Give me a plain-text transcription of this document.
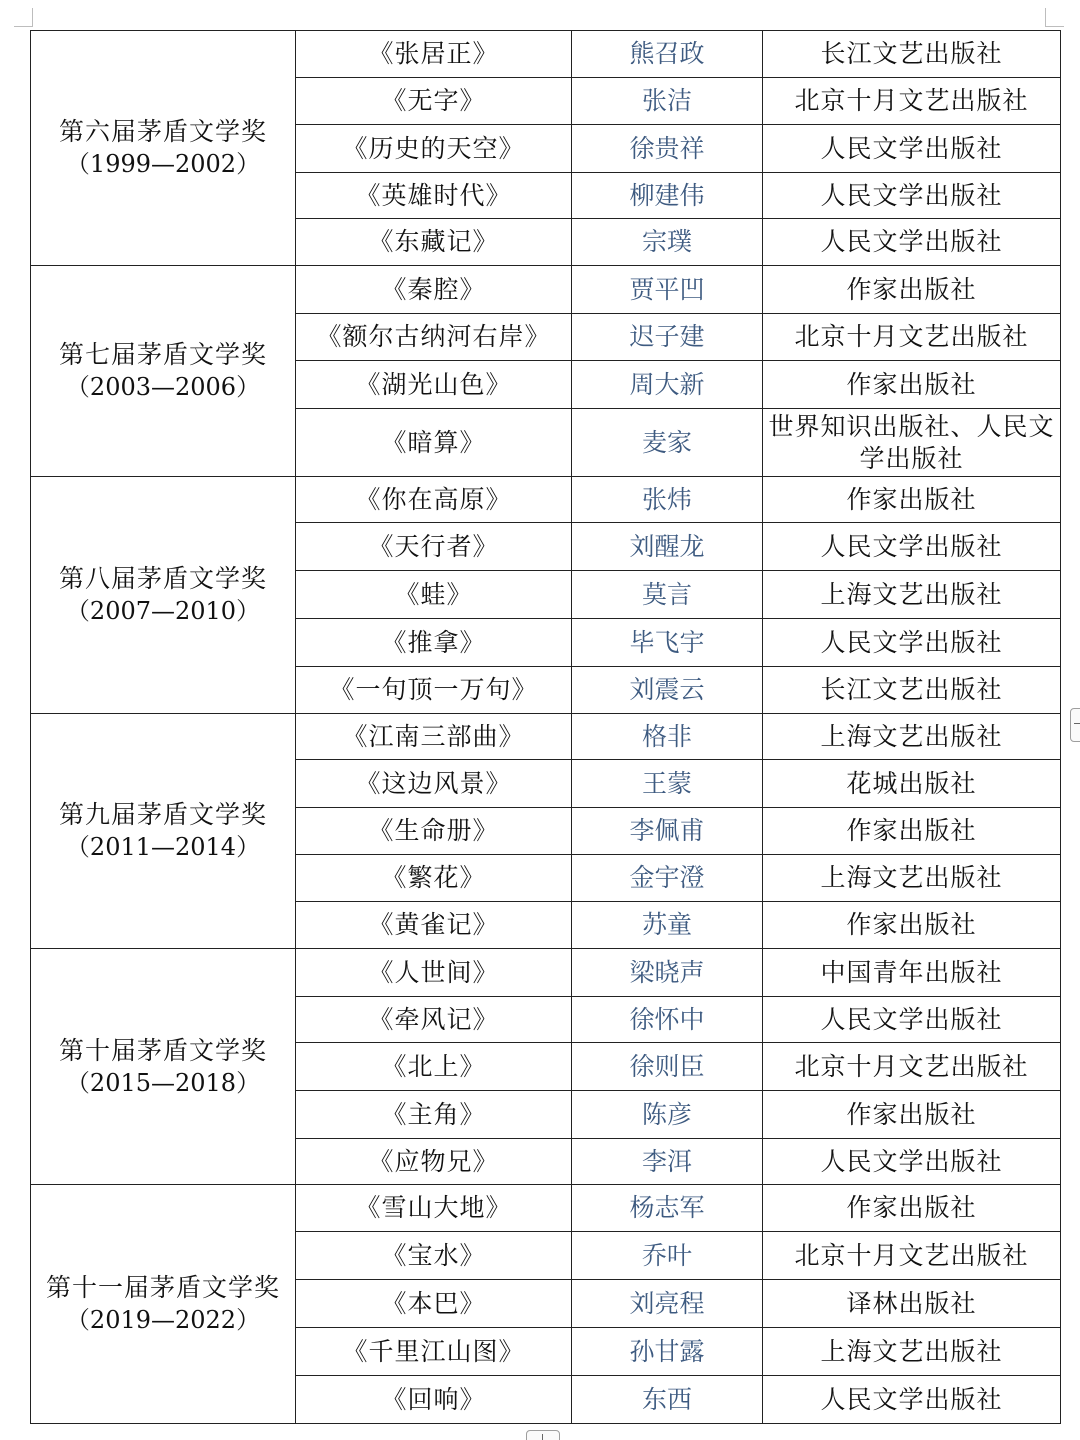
第六届茅盾文学奖
（1999—2002）	《张居正》	熊召政	长江文艺出版社
	《无字》	张洁	北京十月文艺出版社
	《历史的天空》	徐贵祥	人民文学出版社
	《英雄时代》	柳建伟	人民文学出版社
	《东藏记》	宗璞	人民文学出版社

第七届茅盾文学奖
（2003—2006）	《秦腔》	贾平凹	作家出版社
	《额尔古纳河右岸》	迟子建	北京十月文艺出版社
	《湖光山色》	周大新	作家出版社
	《暗算》	麦家	世界知识出版社、人民文学出版社

第八届茅盾文学奖
（2007—2010）	《你在高原》	张炜	作家出版社
	《天行者》	刘醒龙	人民文学出版社
	《蛙》	莫言	上海文艺出版社
	《推拿》	毕飞宇	人民文学出版社
	《一句顶一万句》	刘震云	长江文艺出版社

第九届茅盾文学奖
（2011—2014）	《江南三部曲》	格非	上海文艺出版社
	《这边风景》	王蒙	花城出版社
	《生命册》	李佩甫	作家出版社
	《繁花》	金宇澄	上海文艺出版社
	《黄雀记》	苏童	作家出版社

第十届茅盾文学奖
（2015—2018）	《人世间》	梁晓声	中国青年出版社
	《牵风记》	徐怀中	人民文学出版社
	《北上》	徐则臣	北京十月文艺出版社
	《主角》	陈彦	作家出版社
	《应物兄》	李洱	人民文学出版社

第十一届茅盾文学奖
（2019—2022）	《雪山大地》	杨志军	作家出版社
	《宝水》	乔叶	北京十月文艺出版社
	《本巴》	刘亮程	译林出版社
	《千里江山图》	孙甘露	上海文艺出版社
	《回响》	东西	人民文学出版社
